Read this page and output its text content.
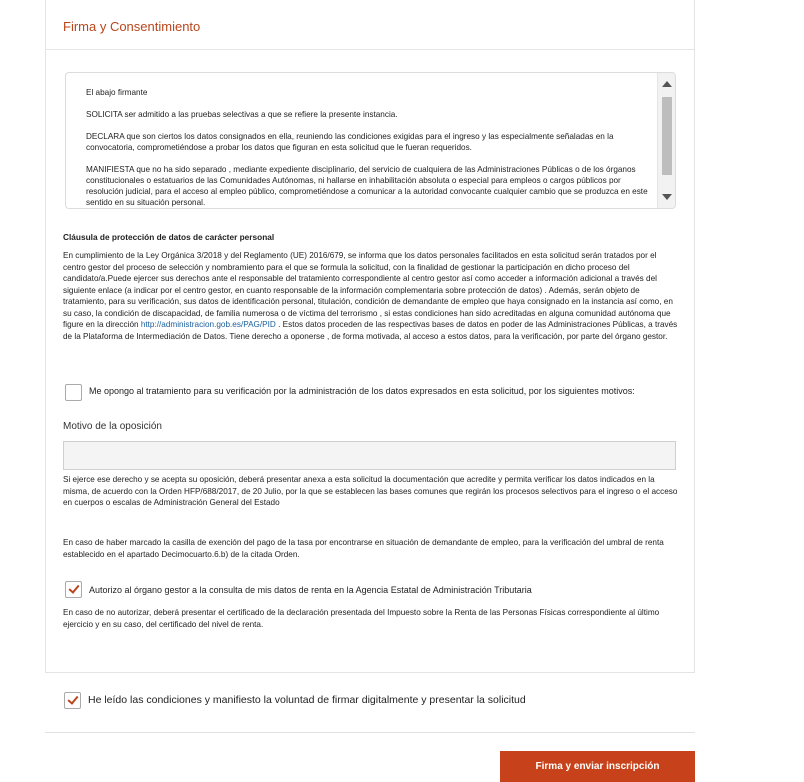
Firma y Consentimiento

El abajo firmante

SOLICITA ser admitido a las pruebas selectivas a que se refiere la presente instancia.

DECLARA que son ciertos los datos consignados en ella, reuniendo las condiciones exigidas para el ingreso y las especialmente señaladas en la convocatoria, comprometiéndose a probar los datos que figuran en esta solicitud que le fueran requeridos.

MANIFIESTA que no ha sido separado , mediante expediente disciplinario, del servicio de cualquiera de las Administraciones Públicas o de los órganos constitucionales o estatuarios de las Comunidades Autónomas, ni hallarse en inhabilitación absoluta o especial para empleos o cargos públicos por resolución judicial, para el acceso al empleo público, comprometiéndose a comunicar a la autoridad convocante cualquier cambio que se produzca en este sentido en su situación personal.

Cláusula de protección de datos de carácter personal
En cumplimiento de la Ley Orgánica 3/2018 y del Reglamento (UE) 2016/679, se informa que los datos personales facilitados en esta solicitud serán tratados por el centro gestor del proceso de selección y nombramiento para el que se formula la solicitud, con la finalidad de gestionar la participación en dicho proceso del candidato/a.Puede ejercer sus derechos ante el responsable del tratamiento correspondiente al centro gestor así como acceder a información adicional a través del siguiente enlace (a indicar por el centro gestor, en cuanto responsable de la información complementaria sobre protección de datos) . Además, serán objeto de tratamiento, para su verificación, sus datos de identificación personal, titulación, condición de demandante de empleo que haya consignado en la instancia así como, en su caso, la condición de discapacidad, de familia numerosa o de víctima del terrorismo , si estas condiciones han sido acreditadas en alguna comunidad autónoma que figure en la dirección http://administracion.gob.es/PAG/PID . Estos datos proceden de las respectivas bases de datos en poder de las Administraciones Públicas, a través de la Plataforma de Intermediación de Datos. Tiene derecho a oponerse , de forma motivada, al acceso a estos datos, para la verificación, por parte del órgano gestor.
Me opongo al tratamiento para su verificación por la administración de los datos expresados en esta solicitud, por los siguientes motivos:
Motivo de la oposición
Si ejerce ese derecho y se acepta su oposición, deberá presentar anexa a esta solicitud la documentación que acredite y permita verificar los datos indicados en la misma, de acuerdo con la Orden HFP/688/2017, de 20 Julio, por la que se establecen las bases comunes que regirán los procesos selectivos para el ingreso o el acceso en cuerpos o escalas de Administración General del Estado
En caso de haber marcado la casilla de exención del pago de la tasa por encontrarse en situación de demandante de empleo, para la verificación del umbral de renta establecido en el apartado Decimocuarto.6.b) de la citada Orden.
Autorizo al órgano gestor a la consulta de mis datos de renta en la Agencia Estatal de Administración Tributaria
En caso de no autorizar, deberá presentar el certificado de la declaración presentada del Impuesto sobre la Renta de las Personas Físicas correspondiente al último ejercicio y en su caso, del certificado del nivel de renta.
He leído las condiciones y manifiesto la voluntad de firmar digitalmente y presentar la solicitud
Firma y enviar inscripción
